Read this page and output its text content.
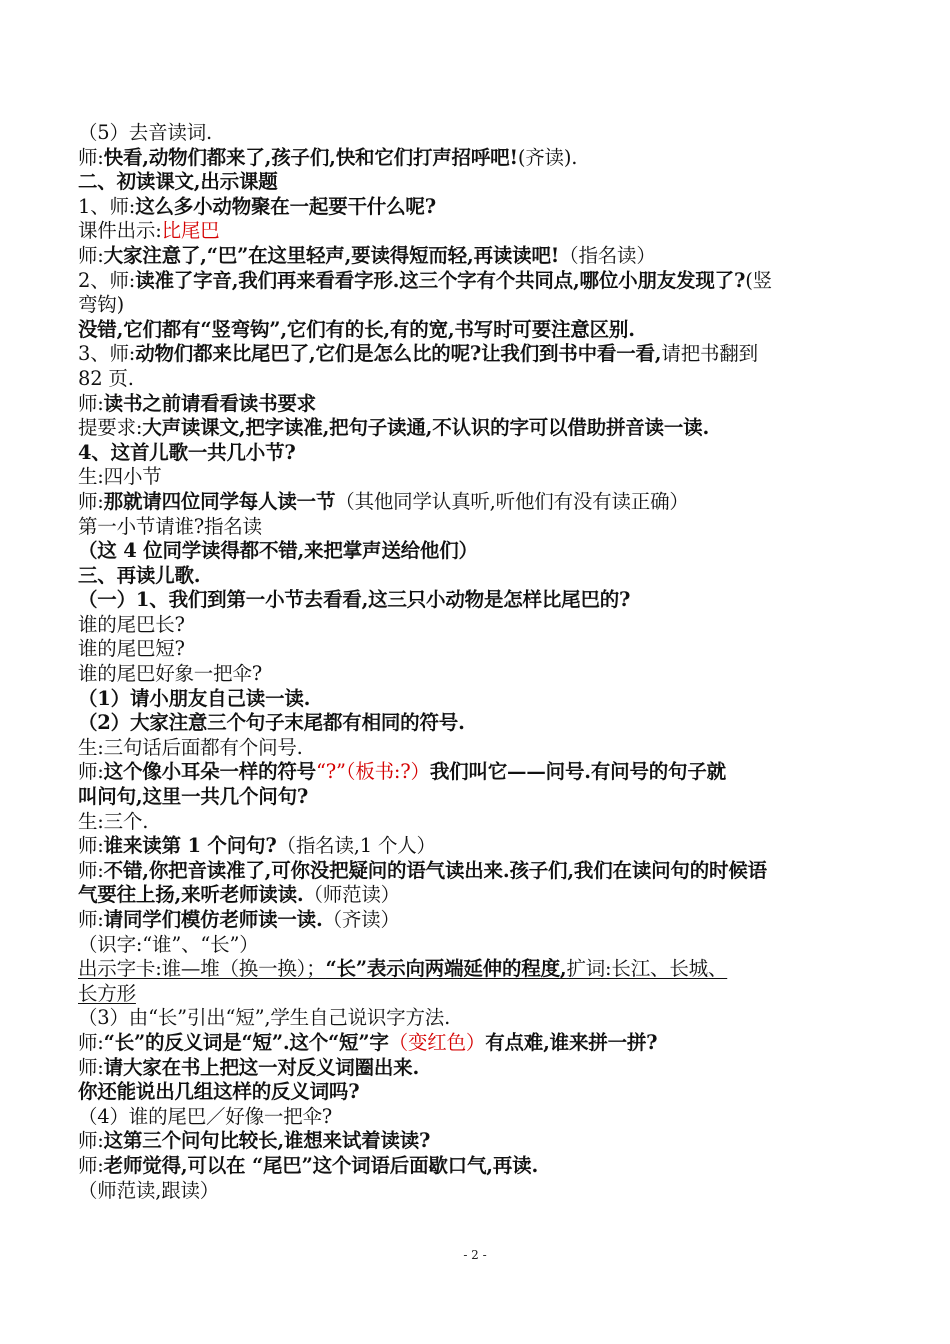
（5）去音读词.
师:快看,动物们都来了,孩子们,快和它们打声招呼吧!(齐读).
二、初读课文,出示课题
1、师:这么多小动物聚在一起要干什么呢?
课件出示:比尾巴
师:大家注意了,“巴”在这里轻声,要读得短而轻,再读读吧!（指名读）
2、师:读准了字音,我们再来看看字形.这三个字有个共同点,哪位小朋友发现了?(竖
弯钩)
没错,它们都有“竖弯钩”,它们有的长,有的宽,书写时可要注意区别.
3、师:动物们都来比尾巴了,它们是怎么比的呢?让我们到书中看一看,请把书翻到
82 页.
师:读书之前请看看读书要求
提要求:大声读课文,把字读准,把句子读通,不认识的字可以借助拼音读一读.
4、这首儿歌一共几小节?
生:四小节
师:那就请四位同学每人读一节（其他同学认真听,听他们有没有读正确）
第一小节请谁?指名读
（这 4 位同学读得都不错,来把掌声送给他们）
三、再读儿歌.
（一）1、我们到第一小节去看看,这三只小动物是怎样比尾巴的?
谁的尾巴长?
谁的尾巴短?
谁的尾巴好象一把伞?
（1）请小朋友自己读一读.
（2）大家注意三个句子末尾都有相同的符号.
生:三句话后面都有个问号.
师:这个像小耳朵一样的符号“?”（板书:?）我们叫它——问号.有问号的句子就
叫问句,这里一共几个问句?
生:三个.
师:谁来读第 1 个问句?（指名读,1 个人）
师:不错,你把音读准了,可你没把疑问的语气读出来.孩子们,我们在读问句的时候语
气要往上扬,来听老师读读.（师范读）
师:请同学们模仿老师读一读.（齐读）
（识字:“谁”、“长”）
出示字卡:谁—堆（换一换）；“长”表示向两端延伸的程度,扩词:长江、长城、
长方形
（3）由“长”引出“短”,学生自己说识字方法.
师:“长”的反义词是“短”.这个“短”字（变红色）有点难,谁来拼一拼?
师:请大家在书上把这一对反义词圈出来.
你还能说出几组这样的反义词吗?
（4）谁的尾巴／好像一把伞?
师:这第三个问句比较长,谁想来试着读读?
师:老师觉得,可以在 “尾巴”这个词语后面歇口气,再读.
（师范读,跟读）
- 2 -
